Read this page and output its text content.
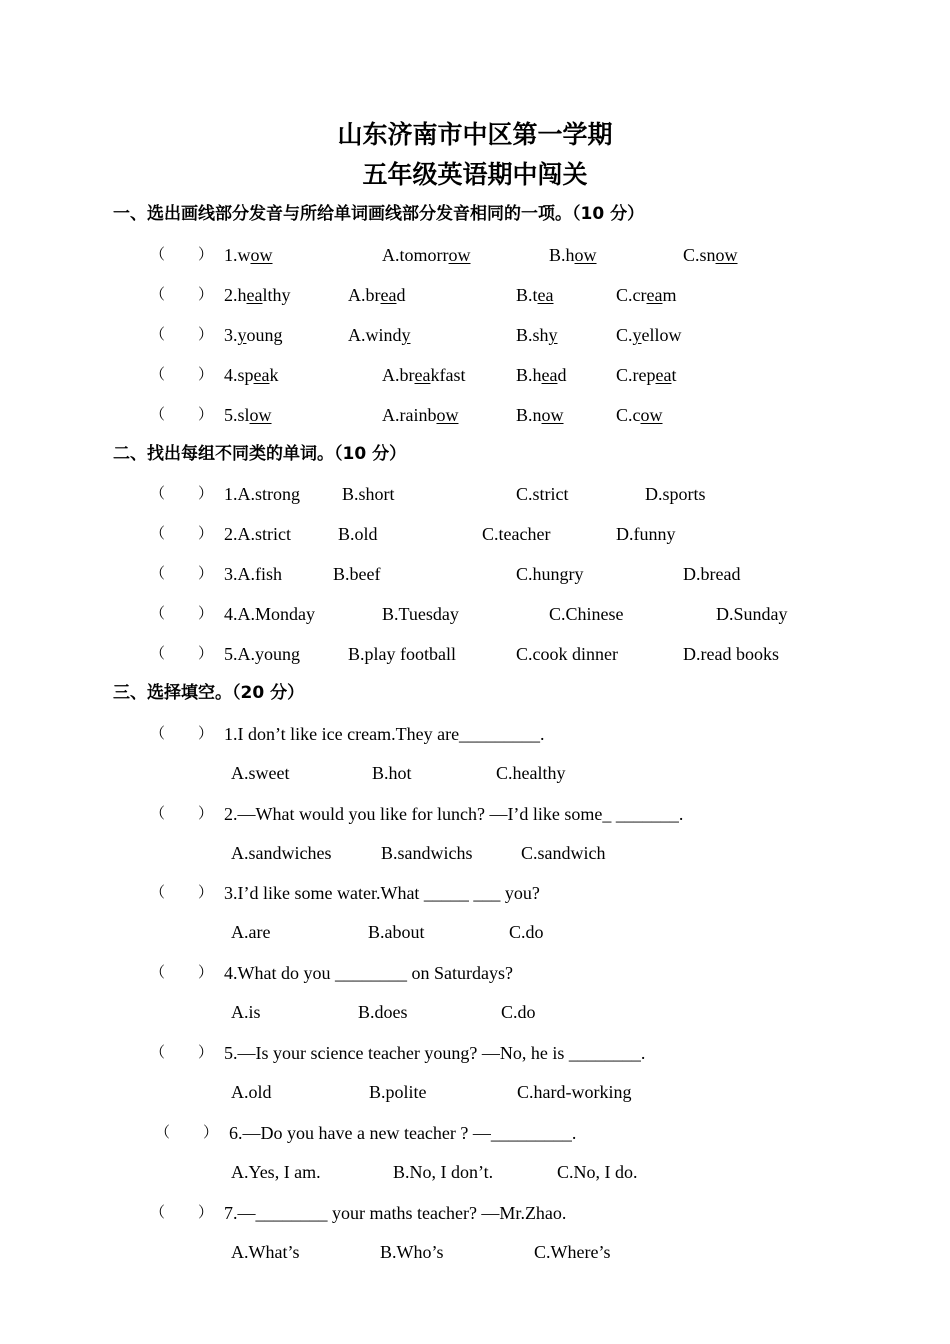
山东济南市中区第一学期
五年级英语期中闯关
一、选出画线部分发音与所给单词画线部分发音相同的一项。（10 分）
（ ） 1.wow	A.tomorrow	B.how	C.snow
（ ） 2.healthy	A.bread	B.tea	C.cream
（ ） 3.young	A.windy	B.shy	C.yellow
（ ） 4.speak	A.breakfast	B.head	C.repeat
（ ） 5.slow	A.rainbow	B.now	C.cow
二、找出每组不同类的单词。（10 分）
（ ） 1.A.strong B.short	C.strict	D.sports
（ ） 2.A.strict	B.old	C.teacher	D.funny
（ ） 3.A.fish	B.beef	C.hungry	D.bread
（ ） 4.A.Monday	B.Tuesday	C.Chinese	D.Sunday
（ ） 5.A.young	B.play football	C.cook dinner	D.read books
三、选择填空。（20 分）
（ ） 1.I don’t like ice cream.They are_________.
A.sweet	B.hot	C.healthy
（ ） 2.—What would you like for lunch? —I’d like some_ _______.
A.sandwiches	B.sandwichs	C.sandwich
（ ） 3.I’d like some water.What _____ ___ you?
A.are	B.about	C.do
（ ） 4.What do you ________ on Saturdays?
A.is	B.does	C.do
（ ） 5.—Is your science teacher young? —No, he is ________.
A.old	B.polite	C.hard-working
（ ） 6.—Do you have a new teacher ? —_________.
A.Yes, I am.	B.No, I don’t.	C.No, I do.
（ ） 7.—________ your maths teacher? —Mr.Zhao.
A.What’s	B.Who’s	C.Where’s
